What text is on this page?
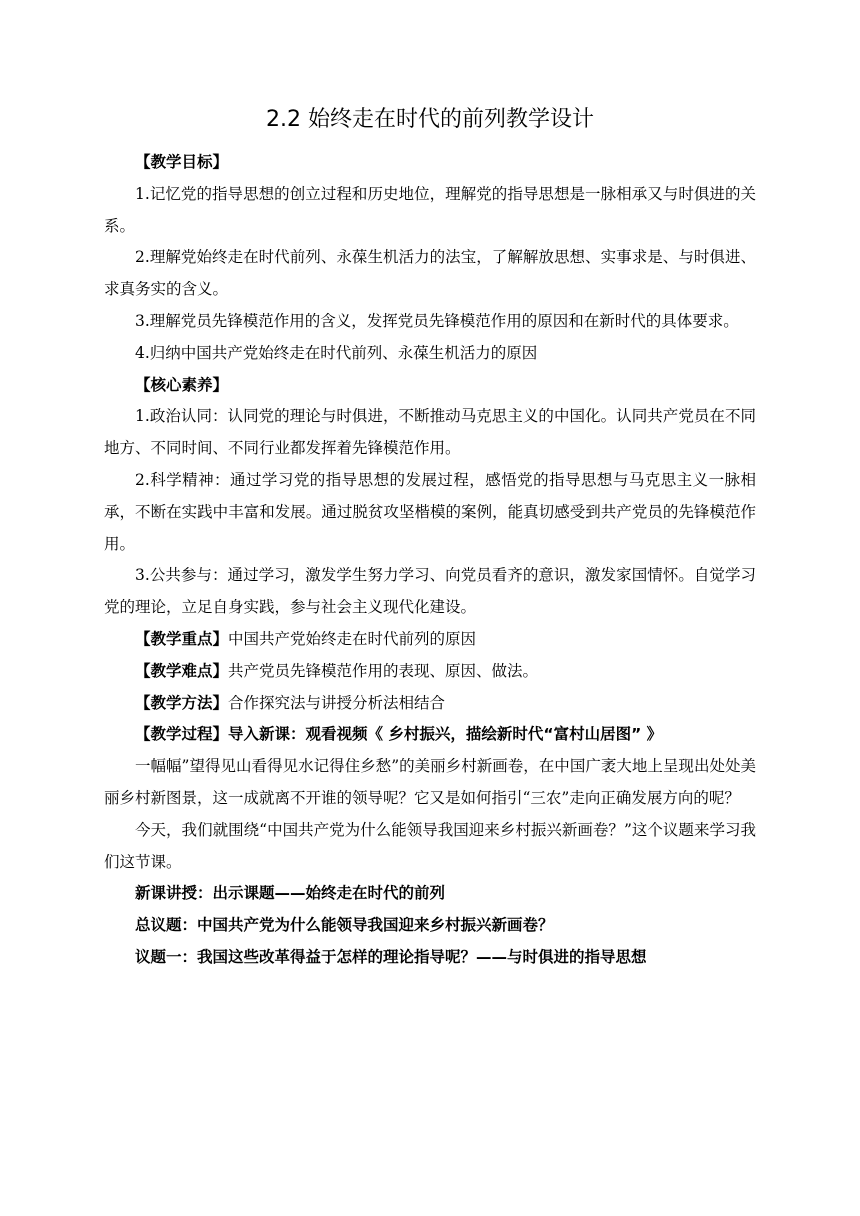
2.2 始终走在时代的前列教学设计

【教学目标】

1.记忆党的指导思想的创立过程和历史地位，理解党的指导思想是一脉相承又与时俱进的关系。

2.理解党始终走在时代前列、永葆生机活力的法宝，了解解放思想、实事求是、与时俱进、求真务实的含义。

3.理解党员先锋模范作用的含义，发挥党员先锋模范作用的原因和在新时代的具体要求。

4.归纳中国共产党始终走在时代前列、永葆生机活力的原因

【核心素养】

1.政治认同：认同党的理论与时俱进，不断推动马克思主义的中国化。认同共产党员在不同地方、不同时间、不同行业都发挥着先锋模范作用。

2.科学精神：通过学习党的指导思想的发展过程，感悟党的指导思想与马克思主义一脉相承，不断在实践中丰富和发展。通过脱贫攻坚楷模的案例，能真切感受到共产党员的先锋模范作用。

3.公共参与：通过学习，激发学生努力学习、向党员看齐的意识，激发家国情怀。自觉学习党的理论，立足自身实践，参与社会主义现代化建设。

【教学重点】中国共产党始终走在时代前列的原因

【教学难点】共产党员先锋模范作用的表现、原因、做法。

【教学方法】合作探究法与讲授分析法相结合

【教学过程】导入新课：观看视频《 乡村振兴，描绘新时代“富村山居图” 》

一幅幅”望得见山看得见水记得住乡愁”的美丽乡村新画卷，在中国广袤大地上呈现出处处美丽乡村新图景，这一成就离不开谁的领导呢？它又是如何指引“三农”走向正确发展方向的呢？

今天，我们就围绕“中国共产党为什么能领导我国迎来乡村振兴新画卷？”这个议题来学习我们这节课。

新课讲授：出示课题——始终走在时代的前列

总议题：中国共产党为什么能领导我国迎来乡村振兴新画卷？

议题一：我国这些改革得益于怎样的理论指导呢？——与时俱进的指导思想
